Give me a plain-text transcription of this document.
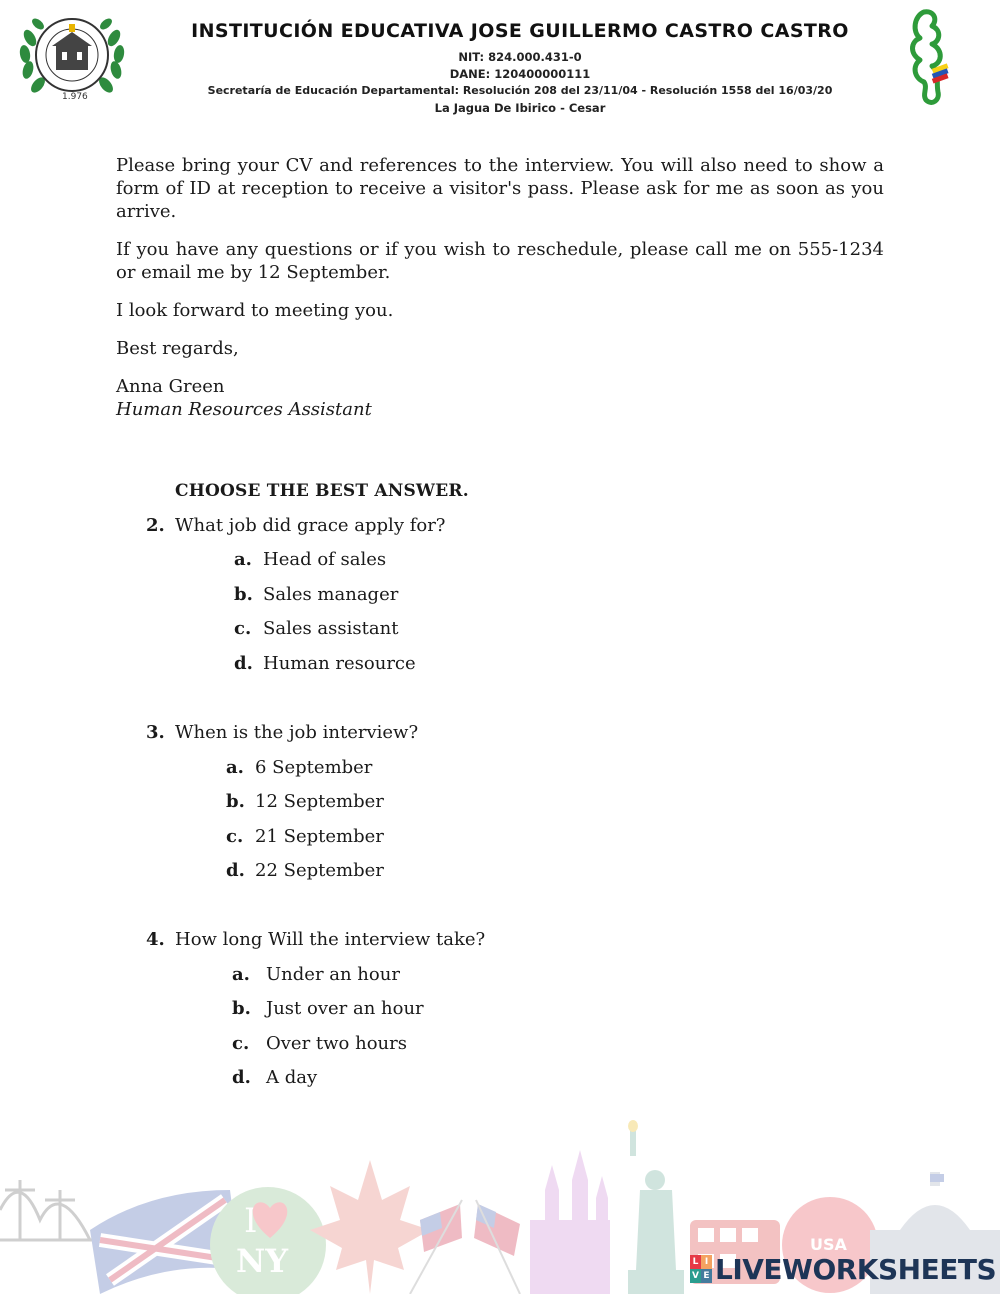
1.976
INSTITUCIÓN EDUCATIVA JOSE GUILLERMO CASTRO CASTRO
NIT: 824.000.431-0
DANE: 120400000111
Secretaría de Educación Departamental: Resolución 208 del 23/11/04 - Resolución 1558 del 16/03/20
La Jagua De Ibirico - Cesar

Please bring your CV and references to the interview. You will also need to show a form of ID at reception to receive a visitor's pass. Please ask for me as soon as you arrive.

If you have any questions or if you wish to reschedule, please call me on 555-1234 or email me by 12 September.

I look forward to meeting you.

Best regards,

Anna Green

Human Resources Assistant

CHOOSE THE BEST ANSWER.
2. What job did grace apply for?
a. Head of sales
b. Sales manager
c. Sales assistant
d. Human resource
3. When is the job interview?
a. 6 September
b. 12 September
c. 21 September
d. 22 September
4. How long Will the interview take?
a. Under an hour
b. Just over an hour
c. Over two hours
d. A day
I
NY	USA
L I
V E LIVEWORKSHEETS
